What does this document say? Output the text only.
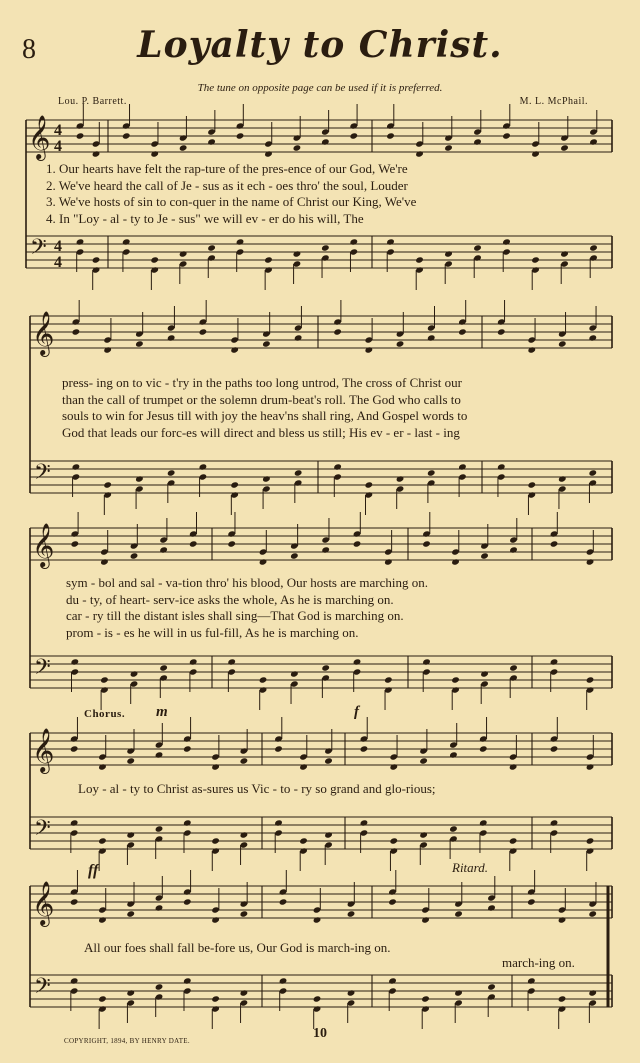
8	Loyalty to Christ.
The tune on opposite page can be used if it is preferred.
Lou. P. Barrett.	M. L. McPhail.
𝄞
𝄢
4
4
4
4
𝄞
𝄢
𝄞
𝄢
𝄞
𝄢
𝄞
𝄢
1. Our hearts have felt the rap-ture of the pres-ence of our God, We're
2. We've heard the call of Je - sus as it ech - oes thro' the soul, Louder
3. We've hosts of sin to con-quer in the name of Christ our King, We've
4. In "Loy - al - ty to Je - sus" we will ev - er do his will, The
press- ing on to vic - t'ry in the paths too long untrod, The cross of Christ our
than the call of trumpet or the solemn drum-beat's roll. The God who calls to
souls to win for Jesus till with joy the heav'ns shall ring, And Gospel words to
God that leads our forc-es will direct and bless us still; His ev - er - last - ing
sym - bol and sal - va-tion thro' his blood, Our hosts are marching on.
du - ty, of heart- serv-ice asks the whole, As he is marching on.
car - ry till the distant isles shall sing—That God is marching on.
prom - is - es he will in us ful-fill, As he is marching on.
Chorus. m	f
Loy - al - ty to Christ as-sures us Vic - to - ry so grand and glo-rious;
ff	Ritard.
All our foes shall fall be-fore us, Our God is march-ing on.
march-ing on.
COPYRIGHT, 1894, BY HENRY DATE.	10
